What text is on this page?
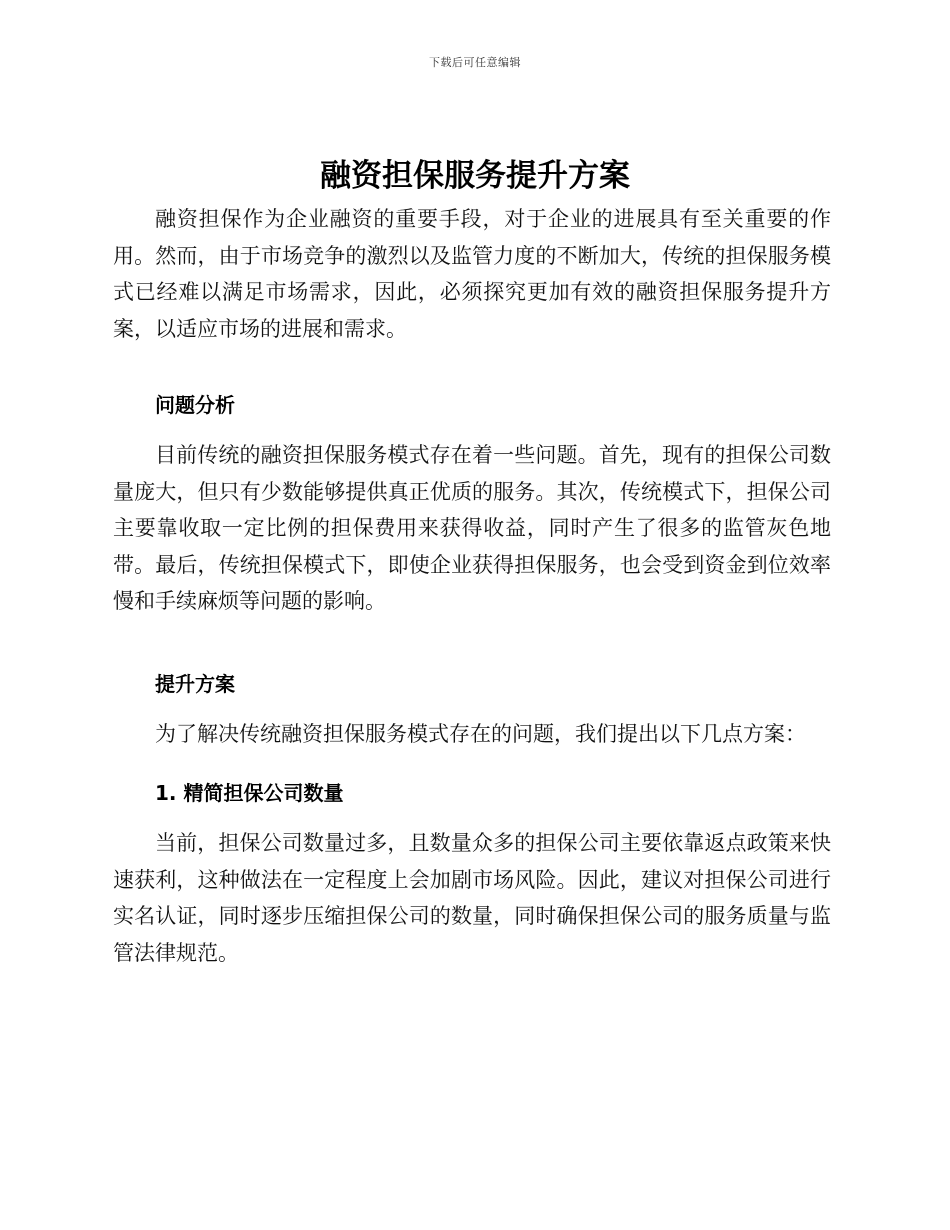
下载后可任意编辑
融资担保服务提升方案

融资担保作为企业融资的重要手段，对于企业的进展具有至关重要的作用。然而，由于市场竞争的激烈以及监管力度的不断加大，传统的担保服务模式已经难以满足市场需求，因此，必须探究更加有效的融资担保服务提升方案，以适应市场的进展和需求。

问题分析

目前传统的融资担保服务模式存在着一些问题。首先，现有的担保公司数量庞大，但只有少数能够提供真正优质的服务。其次，传统模式下，担保公司主要靠收取一定比例的担保费用来获得收益，同时产生了很多的监管灰色地带。最后，传统担保模式下，即使企业获得担保服务，也会受到资金到位效率慢和手续麻烦等问题的影响。

提升方案

为了解决传统融资担保服务模式存在的问题，我们提出以下几点方案：

1. 精简担保公司数量

当前，担保公司数量过多，且数量众多的担保公司主要依靠返点政策来快速获利，这种做法在一定程度上会加剧市场风险。因此，建议对担保公司进行实名认证，同时逐步压缩担保公司的数量，同时确保担保公司的服务质量与监管法律规范。
